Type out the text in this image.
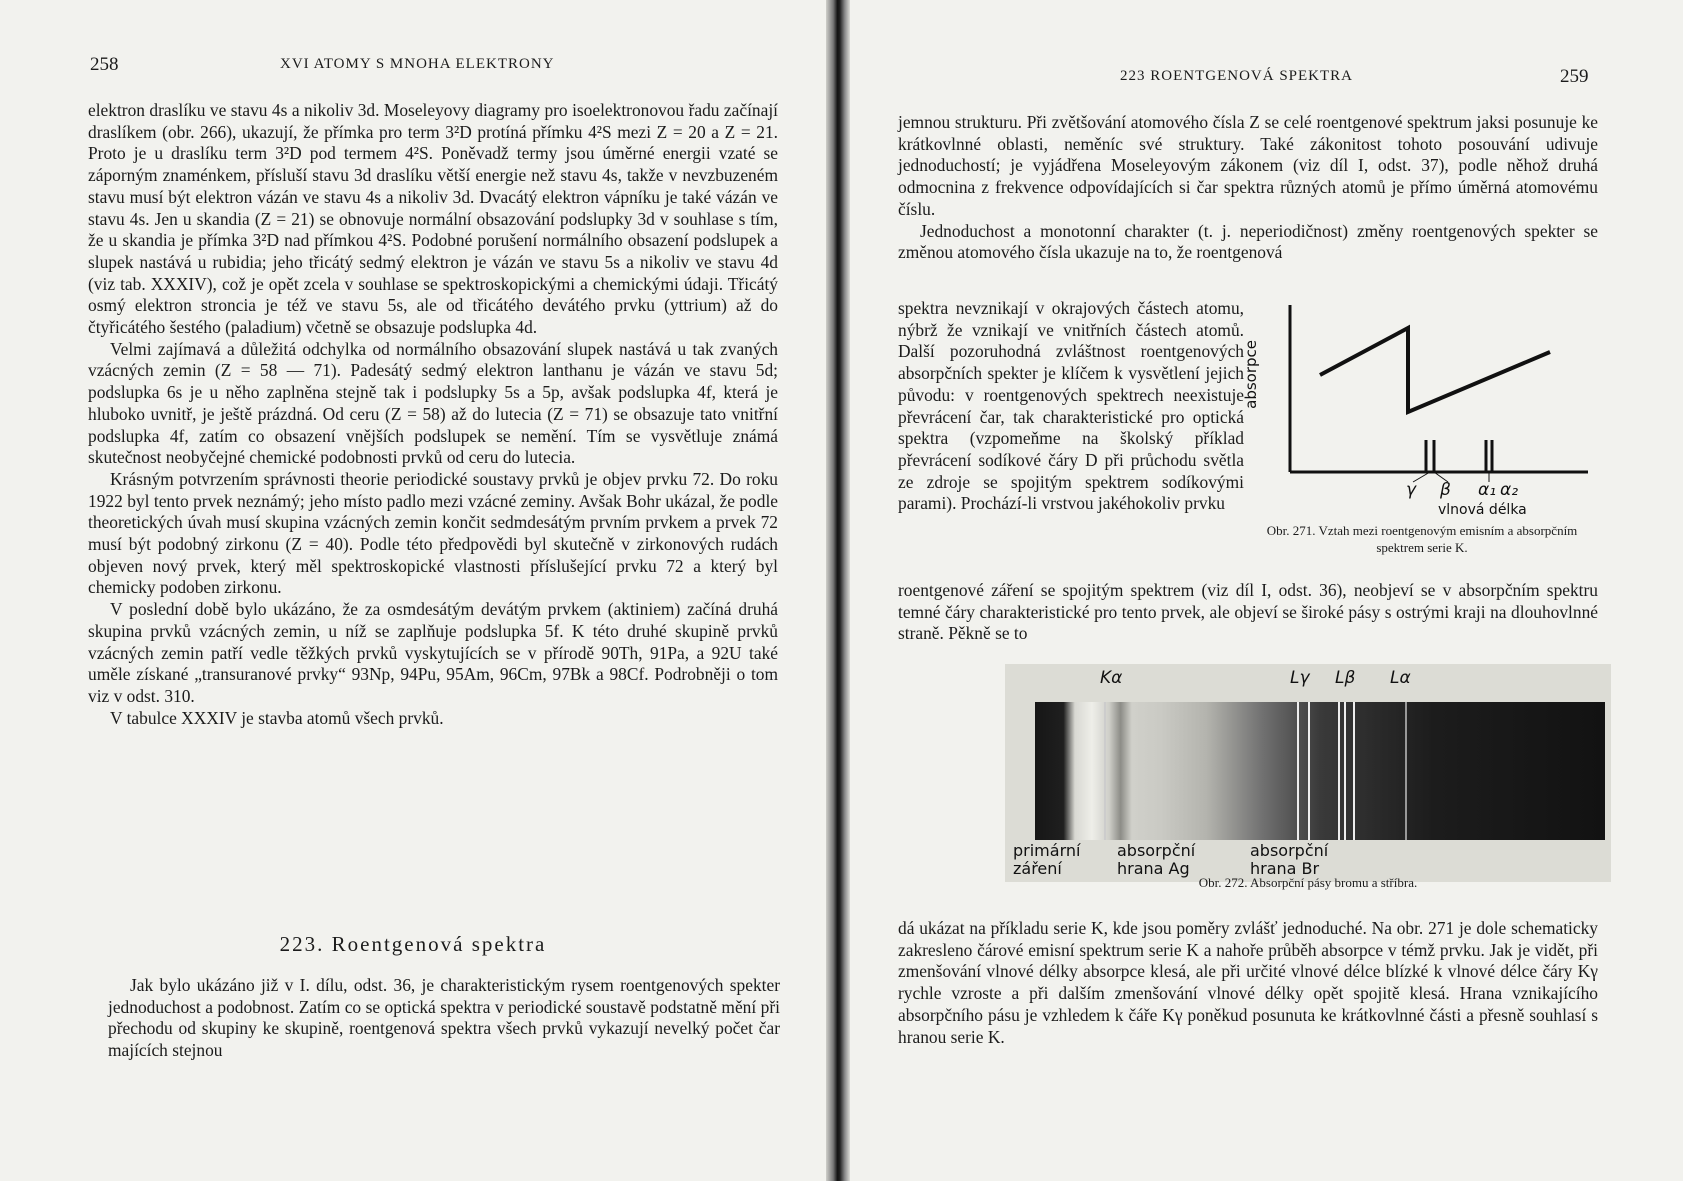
258	XVI ATOMY S MNOHA ELEKTRONY

elektron draslíku ve stavu 4s a nikoliv 3d. Moseleyovy diagramy pro isoelektronovou řadu začínají draslíkem (obr. 266), ukazují, že přímka pro term 3²D protíná přímku 4²S mezi Z = 20 a Z = 21. Proto je u draslíku term 3²D pod termem 4²S. Poněvadž termy jsou úměrné energii vzaté se záporným znaménkem, přísluší stavu 3d draslíku větší energie než stavu 4s, takže v nevzbuzeném stavu musí být elektron vázán ve stavu 4s a nikoliv 3d. Dvacátý elektron vápníku je také vázán ve stavu 4s. Jen u skandia (Z = 21) se obnovuje normální obsazování podslupky 3d v souhlase s tím, že u skandia je přímka 3²D nad přímkou 4²S. Podobné porušení normálního obsazení podslupek a slupek nastává u rubidia; jeho třicátý sedmý elektron je vázán ve stavu 5s a nikoliv ve stavu 4d (viz tab. XXXIV), což je opět zcela v souhlase se spektroskopickými a chemickými údaji. Třicátý osmý elektron stroncia je též ve stavu 5s, ale od třicátého devátého prvku (yttrium) až do čtyřicátého šestého (paladium) včetně se obsazuje podslupka 4d.

Velmi zajímavá a důležitá odchylka od normálního obsazování slupek nastává u tak zvaných vzácných zemin (Z = 58 — 71). Padesátý sedmý elektron lanthanu je vázán ve stavu 5d; podslupka 6s je u něho zaplněna stejně tak i podslupky 5s a 5p, avšak podslupka 4f, která je hluboko uvnitř, je ještě prázdná. Od ceru (Z = 58) až do lutecia (Z = 71) se obsazuje tato vnitřní podslupka 4f, zatím co obsazení vnějších podslupek se nemění. Tím se vysvětluje známá skutečnost neobyčejné chemické podobnosti prvků od ceru do lutecia.

Krásným potvrzením správnosti theorie periodické soustavy prvků je objev prvku 72. Do roku 1922 byl tento prvek neznámý; jeho místo padlo mezi vzácné zeminy. Avšak Bohr ukázal, že podle theoretických úvah musí skupina vzácných zemin končit sedmdesátým prvním prvkem a prvek 72 musí být podobný zirkonu (Z = 40). Podle této předpovědi byl skutečně v zirkonových rudách objeven nový prvek, který měl spektroskopické vlastnosti příslušející prvku 72 a který byl chemicky podoben zirkonu.

V poslední době bylo ukázáno, že za osmdesátým devátým prvkem (aktiniem) začíná druhá skupina prvků vzácných zemin, u níž se zaplňuje podslupka 5f. K této druhé skupině prvků vzácných zemin patří vedle těžkých prvků vyskytujících se v přírodě 90Th, 91Pa, a 92U také uměle získané „transuranové prvky“ 93Np, 94Pu, 95Am, 96Cm, 97Bk a 98Cf. Podrobněji o tom viz v odst. 310.

V tabulce XXXIV je stavba atomů všech prvků.

223. Roentgenová spektra

Jak bylo ukázáno již v I. dílu, odst. 36, je charakteristickým rysem roentgenových spekter jednoduchost a podobnost. Zatím co se optická spektra v periodické soustavě podstatně mění při přechodu od skupiny ke skupině, roentgenová spektra všech prvků vykazují nevelký počet čar majících stejnou

223 ROENTGENOVÁ SPEKTRA	259

jemnou strukturu. Při zvětšování atomového čísla Z se celé roentgenové spektrum jaksi posunuje ke krátkovlnné oblasti, neměníc své struktury. Také zákonitost tohoto posouvání udivuje jednoduchostí; je vyjádřena Moseleyovým zákonem (viz díl I, odst. 37), podle něhož druhá odmocnina z frekvence odpovídajících si čar spektra různých atomů je přímo úměrná atomovému číslu.

Jednoduchost a monotonní charakter (t. j. neperiodičnost) změny roentgenových spekter se změnou atomového čísla ukazuje na to, že roentgenová

spektra nevznikají v okrajových částech atomu, nýbrž že vznikají ve vnitřních částech atomů. Další pozoruhodná zvláštnost roentgenových absorpčních spekter je klíčem k vysvětlení jejich původu: v roentgenových spektrech neexistuje převrácení čar, tak charakteristické pro optická spektra (vzpomeňme na školský příklad převrácení sodíkové čáry D při průchodu světla ze zdroje se spojitým spektrem sodíkovými parami). Prochází-li vrstvou jakéhokoliv prvku

absorpce
γ β α₁ α₂
vlnová délka
Obr. 271. Vztah mezi roentgenovým emisním a absorpčním spektrem serie K.

roentgenové záření se spojitým spektrem (viz díl I, odst. 36), neobjeví se v absorpčním spektru temné čáry charakteristické pro tento prvek, ale objeví se široké pásy s ostrými kraji na dlouhovlnné straně. Pěkně se to

Kα	Lγ Lβ Lα
primární záření
absorpční hrana Ag
absorpční hrana Br
Obr. 272. Absorpční pásy bromu a stříbra.

dá ukázat na příkladu serie K, kde jsou poměry zvlášť jednoduché. Na obr. 271 je dole schematicky zakresleno čárové emisní spektrum serie K a nahoře průběh absorpce v témž prvku. Jak je vidět, při zmenšování vlnové délky absorpce klesá, ale při určité vlnové délce blízké k vlnové délce čáry Kγ rychle vzroste a při dalším zmenšování vlnové délky opět spojitě klesá. Hrana vznikajícího absorpčního pásu je vzhledem k čáře Kγ poněkud posunuta ke krátkovlnné části a přesně souhlasí s hranou serie K.
